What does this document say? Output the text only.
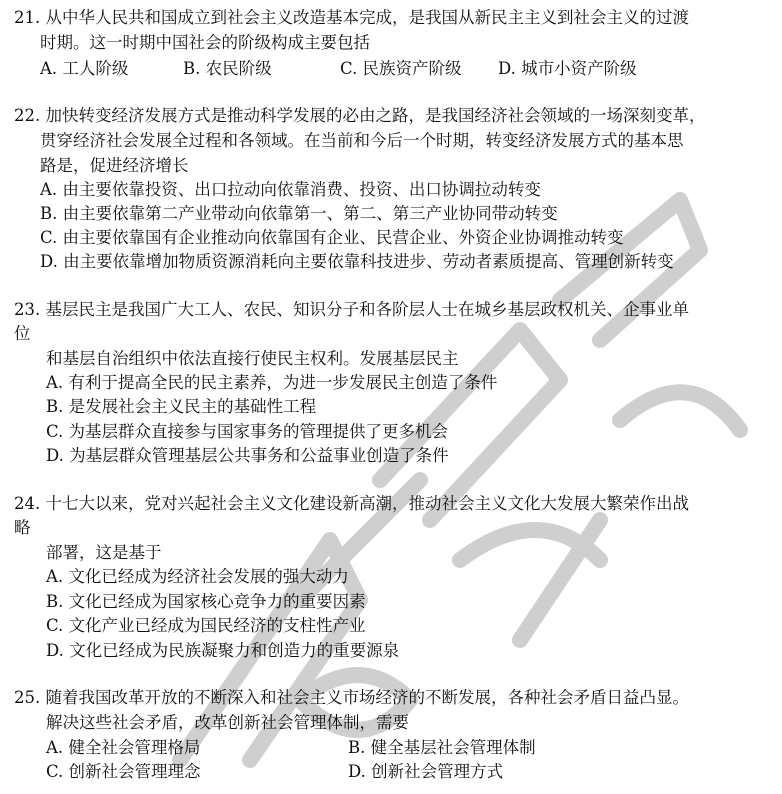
21. 从中华人民共和国成立到社会主义改造基本完成，是我国从新民主主义到社会主义的过渡

时期。这一时期中国社会的阶级构成主要包括

A. 工人阶级	B. 农民阶级	C. 民族资产阶级 D. 城市小资产阶级

22. 加快转变经济发展方式是推动科学发展的必由之路，是我国经济社会领域的一场深刻变革，

贯穿经济社会发展全过程和各领域。在当前和今后一个时期，转变经济发展方式的基本思

路是，促进经济增长

A. 由主要依靠投资、出口拉动向依靠消费、投资、出口协调拉动转变

B. 由主要依靠第二产业带动向依靠第一、第二、第三产业协同带动转变

C. 由主要依靠国有企业推动向依靠国有企业、民营企业、外资企业协调推动转变

D. 由主要依靠增加物质资源消耗向主要依靠科技进步、劳动者素质提高、管理创新转变

23. 基层民主是我国广大工人、农民、知识分子和各阶层人士在城乡基层政权机关、企事业单

位

和基层自治组织中依法直接行使民主权利。发展基层民主

A. 有利于提高全民的民主素养，为进一步发展民主创造了条件

B. 是发展社会主义民主的基础性工程

C. 为基层群众直接参与国家事务的管理提供了更多机会

D. 为基层群众管理基层公共事务和公益事业创造了条件

24. 十七大以来，党对兴起社会主义文化建设新高潮，推动社会主义文化大发展大繁荣作出战

略

部署，这是基于

A. 文化已经成为经济社会发展的强大动力

B. 文化已经成为国家核心竞争力的重要因素

C. 文化产业已经成为国民经济的支柱性产业

D. 文化已经成为民族凝聚力和创造力的重要源泉

25. 随着我国改革开放的不断深入和社会主义市场经济的不断发展，各种社会矛盾日益凸显。

解决这些社会矛盾，改革创新社会管理体制，需要

A. 健全社会管理格局	B. 健全基层社会管理体制
C. 创新社会管理理念	D. 创新社会管理方式
